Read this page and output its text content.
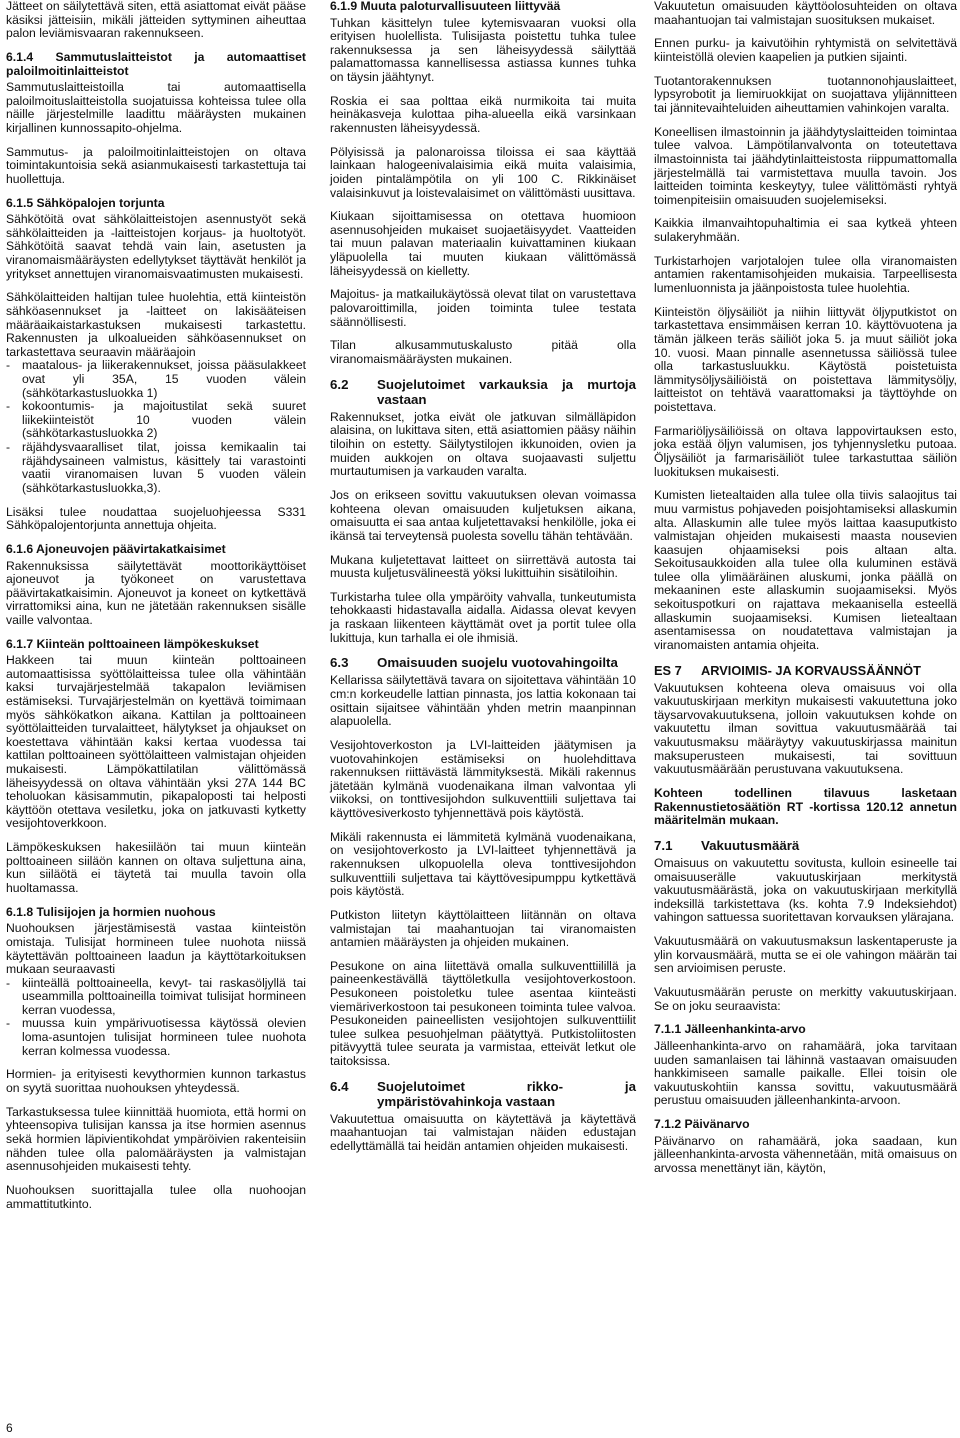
Jätteet on säilytettävä siten, että asiattomat eivät pääse käsiksi jätteisiin, mikäli jätteiden syttyminen aiheuttaa palon leviämisvaaran rakennukseen.

6.1.4 Sammutuslaitteistot ja automaattiset paloilmoitinlaitteistot

Sammutuslaitteistoilla tai automaattisella paloilmoituslaitteistolla suojatuissa kohteissa tulee olla näille järjestelmille laadittu määräysten mukainen kirjallinen kunnossapito-ohjelma.

Sammutus- ja paloilmoitinlaitteistojen on oltava toimintakuntoisia sekä asianmukaisesti tarkastettuja tai huollettuja.

6.1.5 Sähköpalojen torjunta

Sähkötöitä ovat sähkölaitteistojen asennustyöt sekä sähkölaitteiden ja -laitteistojen korjaus- ja huoltotyöt. Sähkötöitä saavat tehdä vain lain, asetusten ja viranomaismääräysten edellytykset täyttävät henkilöt ja yritykset annettujen viranomaisvaatimusten mukaisesti.

Sähkölaitteiden haltijan tulee huolehtia, että kiinteistön sähköasennukset ja -laitteet on lakisääteisen määräaikaistarkastuksen mukaisesti tarkastettu. Rakennusten ja ulkoalueiden sähköasennukset on tarkastettava seuraavin määräajoin

- maatalous- ja liikerakennukset, joissa pääsulakkeet ovat yli 35A, 15 vuoden välein (sähkötarkastusluokka 1)
- kokoontumis- ja majoitustilat sekä suuret liikekiinteistöt 10 vuoden välein (sähkötarkastusluokka 2)
- räjähdysvaaralliset tilat, joissa kemikaalin tai räjähdysaineen valmistus, käsittely tai varastointi vaatii viranomaisen luvan 5 vuoden välein (sähkötarkastusluokka,3).

Lisäksi tulee noudattaa suojeluohjeessa S331 Sähköpalojentorjunta annettuja ohjeita.

6.1.6 Ajoneuvojen päävirtakatkaisimet

Rakennuksissa säilytettävät moottorikäyttöiset ajoneuvot ja työkoneet on varustettava päävirtakatkaisimin. Ajoneuvot ja koneet on kytkettävä virrattomiksi aina, kun ne jätetään rakennuksen sisälle vaille valvontaa.

6.1.7 Kiinteän polttoaineen lämpökeskukset

Hakkeen tai muun kiinteän polttoaineen automaattisissa syöttölaitteissa tulee olla vähintään kaksi turvajärjestelmää takapalon leviämisen estämiseksi. Turvajärjestelmän on kyettävä toimimaan myös sähkökatkon aikana. Kattilan ja polttoaineen syöttölaitteiden turvalaitteet, hälytykset ja ohjaukset on koestettava vähintään kaksi kertaa vuodessa tai kattilan polttoaineen syöttölaitteen valmistajan ohjeiden mukaisesti. Lämpökattilatilan välittömässä läheisyydessä on oltava vähintään yksi 27A 144 BC teholuokan käsisammutin, pikapaloposti tai helposti käyttöön otettava vesiletku, joka on jatkuvasti kytketty vesijohtoverkkoon.

Lämpökeskuksen hakesiiläön tai muun kiinteän polttoaineen siiläön kannen on oltava suljettuna aina, kun siiläötä ei täytetä tai muulla tavoin olla huoltamassa.

6.1.8 Tulisijojen ja hormien nuohous

Nuohouksen järjestämisestä vastaa kiinteistön omistaja. Tulisijat hormineen tulee nuohota niissä käytettävän polttoaineen laadun ja käyttötarkoituksen mukaan seuraavasti

- kiinteällä polttoaineella, kevyt- tai raskasöljyllä tai useammilla polttoaineilla toimivat tulisijat hormineen kerran vuodessa,
- muussa kuin ympärivuotisessa käytössä olevien loma-asuntojen tulisijat hormineen tulee nuohota kerran kolmessa vuodessa.

Hormien- ja erityisesti kevythormien kunnon tarkastus on syytä suorittaa nuohouksen yhteydessä.

Tarkastuksessa tulee kiinnittää huomiota, että hormi on yhteensopiva tulisijan kanssa ja itse hormien asennus sekä hormien läpivientikohdat ympäröivien rakenteisiin nähden tulee olla palomääräysten ja valmistajan asennusohjeiden mukaisesti tehty.

Nuohouksen suorittajalla tulee olla nuohoojan ammattitutkinto.

6.1.9 Muuta paloturvallisuuteen liittyvää

Tuhkan käsittelyn tulee kytemisvaaran vuoksi olla erityisen huolellista. Tulisijasta poistettu tuhka tulee rakennuksessa ja sen läheisyydessä säilyttää palamattomassa kannellisessa astiassa kunnes tuhka on täysin jäähtynyt.

Roskia ei saa polttaa eikä nurmikoita tai muita heinäkasveja kulottaa piha-alueella eikä varsinkaan rakennusten läheisyydessä.

Pölyisissä ja palonaroissa tiloissa ei saa käyttää lainkaan halogeenivalaisimia eikä muita valaisimia, joiden pintalämpötila on yli 100 C. Rikkinäiset valaisinkuvut ja loistevalaisimet on välittömästi uusittava.

Kiukaan sijoittamisessa on otettava huomioon asennusohjeiden mukaiset suojaetäisyydet. Vaatteiden tai muun palavan materiaalin kuivattaminen kiukaan yläpuolella tai muuten kiukaan välittömässä läheisyydessä on kielletty.

Majoitus- ja matkailukäytössä olevat tilat on varustettava palovaroittimilla, joiden toiminta tulee testata säännöllisesti.

Tilan alkusammutuskalusto pitää olla viranomaismääräysten mukainen.

6.2	Suojelutoimet varkauksia ja murtoja vastaan

Rakennukset, jotka eivät ole jatkuvan silmälläpidon alaisina, on lukittava siten, että asiattomien pääsy näihin tiloihin on estetty. Säilytystilojen ikkunoiden, ovien ja muiden aukkojen on oltava suojaavasti suljettu murtautumisen ja varkauden varalta.

Jos on erikseen sovittu vakuutuksen olevan voimassa kohteena olevan omaisuuden kuljetuksen aikana, omaisuutta ei saa antaa kuljetettavaksi henkilölle, joka ei ikänsä tai terveytensä puolesta sovellu tähän tehtävään.

Mukana kuljetettavat laitteet on siirrettävä autosta tai muusta kuljetusvälineestä yöksi lukittuihin sisätiloihin.

Turkistarha tulee olla ympäröity vahvalla, tunkeutumista tehokkaasti hidastavalla aidalla. Aidassa olevat kevyen ja raskaan liikenteen käyttämät ovet ja portit tulee olla lukittuja, kun tarhalla ei ole ihmisiä.

6.3	Omaisuuden suojelu vuotovahingoilta

Kellarissa säilytettävä tavara on sijoitettava vähintään 10 cm:n korkeudelle lattian pinnasta, jos lattia kokonaan tai osittain sijaitsee vähintään yhden metrin maanpinnan alapuolella.

Vesijohtoverkoston ja LVI-laitteiden jäätymisen ja vuotovahinkojen estämiseksi on huolehdittava rakennuksen riittävästä lämmityksestä. Mikäli rakennus jätetään kylmänä vuodenaikana ilman valvontaa yli viikoksi, on tonttivesijohdon sulkuventtiili suljettava tai käyttövesiverkosto tyhjennettävä pois käytöstä.

Mikäli rakennusta ei lämmitetä kylmänä vuodenaikana, on vesijohtoverkosto ja LVI-laitteet tyhjennettävä ja rakennuksen ulkopuolella oleva tonttivesijohdon sulkuventtiili suljettava tai käyttövesipumppu kytkettävä pois käytöstä.

Putkiston liitetyn käyttölaitteen liitännän on oltava valmistajan tai maahantuojan tai viranomaisten antamien määräysten ja ohjeiden mukainen.

Pesukone on aina liitettävä omalla sulkuventtiilillä ja paineenkestävällä täyttöletkulla vesijohtoverkostoon. Pesukoneen poistoletku tulee asentaa kiinteästi viemäriverkostoon tai pesukoneen toiminta tulee valvoa. Pesukoneiden paineellisten vesijohtojen sulkuventtiilit tulee sulkea pesuohjelman päätyttyä. Putkistoliitosten pitävyyttä tulee seurata ja varmistaa, etteivät letkut ole taitoksissa.

6.4	Suojelutoimet rikko- ja ympäristövahinkoja vastaan

Vakuutettua omaisuutta on käytettävä ja käytettävä maahantuojan tai valmistajan näiden edustajan edellyttämällä tai heidän antamien ohjeiden mukaisesti.

Vakuutetun omaisuuden käyttöolosuhteiden on oltava maahantuojan tai valmistajan suosituksen mukaiset.

Ennen purku- ja kaivutöihin ryhtymistä on selvitettävä kiinteistöllä olevien kaapelien ja putkien sijainti.

Tuotantorakennuksen tuotannonohjauslaitteet, lypsyrobotit ja liemiruokkijat on suojattava ylijännitteen tai jännitevaihteluiden aiheuttamien vahinkojen varalta.

Koneellisen ilmastoinnin ja jäähdytyslaitteiden toimintaa tulee valvoa. Lämpötilanvalvonta on toteutettava ilmastoinnista tai jäähdytinlaitteistosta riippumattomalla järjestelmällä tai varmistettava muulla tavoin. Jos laitteiden toiminta keskeytyy, tulee välittömästi ryhtyä toimenpiteisiin omaisuuden suojelemiseksi.

Kaikkia ilmanvaihtopuhaltimia ei saa kytkeä yhteen sulakeryhmään.

Turkistarhojen varjotalojen tulee olla viranomaisten antamien rakentamisohjeiden mukaisia. Tarpeellisesta lumenluonnista ja jäänpoistosta tulee huolehtia.

Kiinteistön öljysäiliöt ja niihin liittyvät öljyputkistot on tarkastettava ensimmäisen kerran 10. käyttövuotena ja tämän jälkeen teräs säiliöt joka 5. ja muut säiliöt joka 10. vuosi. Maan pinnalle asennetussa säiliössä tulee olla tarkastusluukku. Käytöstä poistetuista lämmitysöljysäiliöistä on poistettava lämmitysöljy, laitteistot on tehtävä vaarattomaksi ja täyttöyhde on poistettava.

Farmariöljysäiliöissä on oltava lappovirtauksen esto, joka estää öljyn valumisen, jos tyhjennysletku putoaa. Öljysäiliöt ja farmarisäiliöt tulee tarkastuttaa säiliön luokituksen mukaisesti.

Kumisten lietealtaiden alla tulee olla tiivis salaojitus tai muu varmistus pohjaveden poisjohtamiseksi allaskumin alta. Allaskumin alle tulee myös laittaa kaasuputkisto valmistajan ohjeiden mukaisesti maasta nousevien kaasujen ohjaamiseksi pois altaan alta. Sekoitusaukkoiden alla tulee olla kuluminen estävä tulee olla ylimääräinen aluskumi, jonka päällä on mekaaninen este allaskumin suojaamiseksi. Myös sekoituspotkuri on rajattava mekaanisella esteellä allaskumin suojaamiseksi. Kumisen lietealtaan asentamisessa on noudatettava valmistajan ja viranomaisten antamia ohjeita.

ES 7	ARVIOIMIS- JA KORVAUSSÄÄNNÖT

Vakuutuksen kohteena oleva omaisuus voi olla vakuutuskirjaan merkityn mukaisesti vakuutettuna joko täysarvovakuutuksena, jolloin vakuutuksen kohde on vakuutettu ilman sovittua vakuutusmäärää tai vakuutusmaksu määräytyy vakuutuskirjassa mainitun maksuperusteen mukaisesti, tai sovittuun vakuutusmäärään perustuvana vakuutuksena.

Kohteen todellinen tilavuus lasketaan Rakennustietosäätiön RT -kortissa 120.12 annetun määritelmän mukaan.

7.1	Vakuutusmäärä

Omaisuus on vakuutettu sovitusta, kulloin esineelle tai omaisuuserälle vakuutuskirjaan merkitystä vakuutusmäärästä, joka on vakuutuskirjaan merkityllä indeksillä tarkistettava (ks. kohta 7.9 Indeksiehdot) vahingon sattuessa suoritettavan korvauksen ylärajana.

Vakuutusmäärä on vakuutusmaksun laskentaperuste ja ylin korvausmäärä, mutta se ei ole vahingon määrän tai sen arvioimisen peruste.

Vakuutusmäärän peruste on merkitty vakuutuskirjaan. Se on joku seuraavista:

7.1.1 Jälleenhankinta-arvo

Jälleenhankinta-arvo on rahamäärä, joka tarvitaan uuden samanlaisen tai lähinnä vastaavan omaisuuden hankkimiseen samalle paikalle. Ellei toisin ole vakuutuskohtiin kanssa sovittu, vakuutusmäärä perustuu omaisuuden jälleenhankinta-arvoon.

7.1.2 Päivänarvo

Päivänarvo on rahamäärä, joka saadaan, kun jälleenhankinta-arvosta vähennetään, mitä omaisuus on arvossa menettänyt iän, käytön,

6
